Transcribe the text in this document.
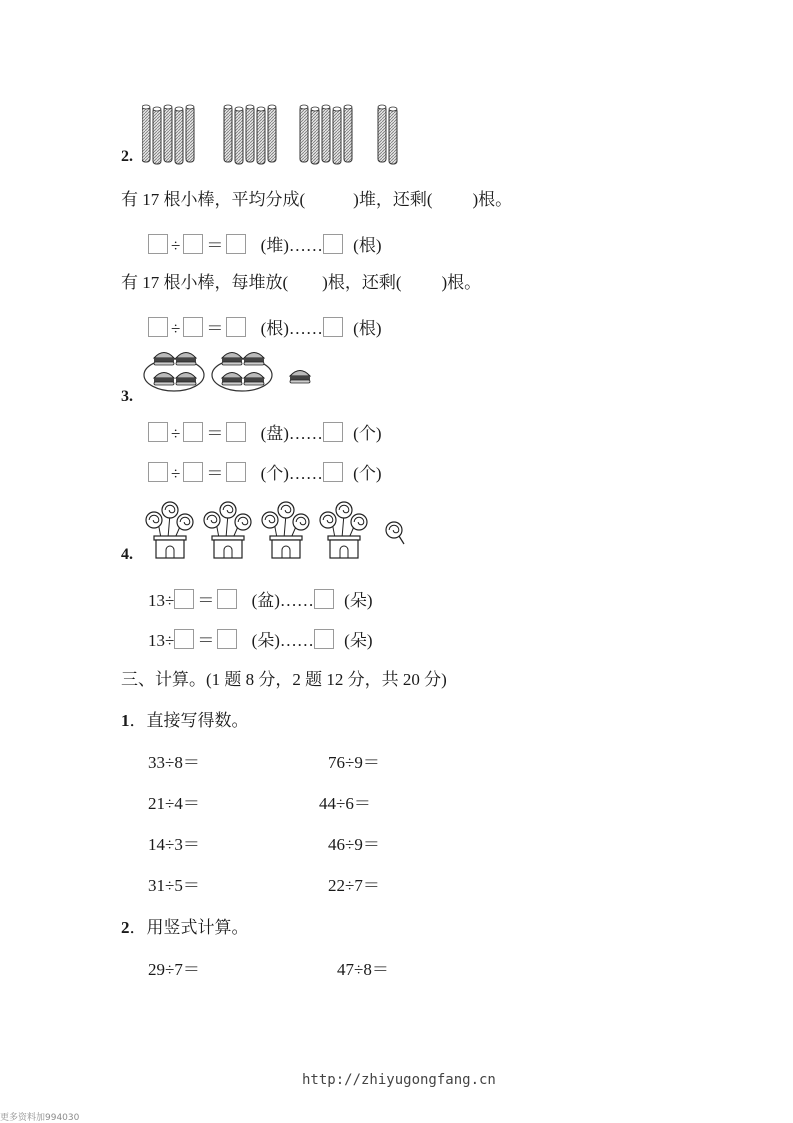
2.
有 17 根小棒，平均分成(	)堆，还剩( )根。
÷ ＝ (堆)…… (根)
有 17 根小棒，每堆放( )根，还剩( )根。
÷ ＝ (根)…… (根)
3.
÷ ＝ (盘)…… (个)
÷ ＝ (个)…… (个)
4.
13÷ ＝ (盆)…… (朵)
13÷ ＝ (朵)…… (朵)
三、计算。(1 题 8 分，2 题 12 分，共 20 分)
1．直接写得数。
33÷8＝	76÷9＝
21÷4＝	44÷6＝
14÷3＝	46÷9＝
31÷5＝	22÷7＝
2．用竖式计算。
29÷7＝	47÷8＝
http://zhiyugongfang.cn
更多资料加994030
